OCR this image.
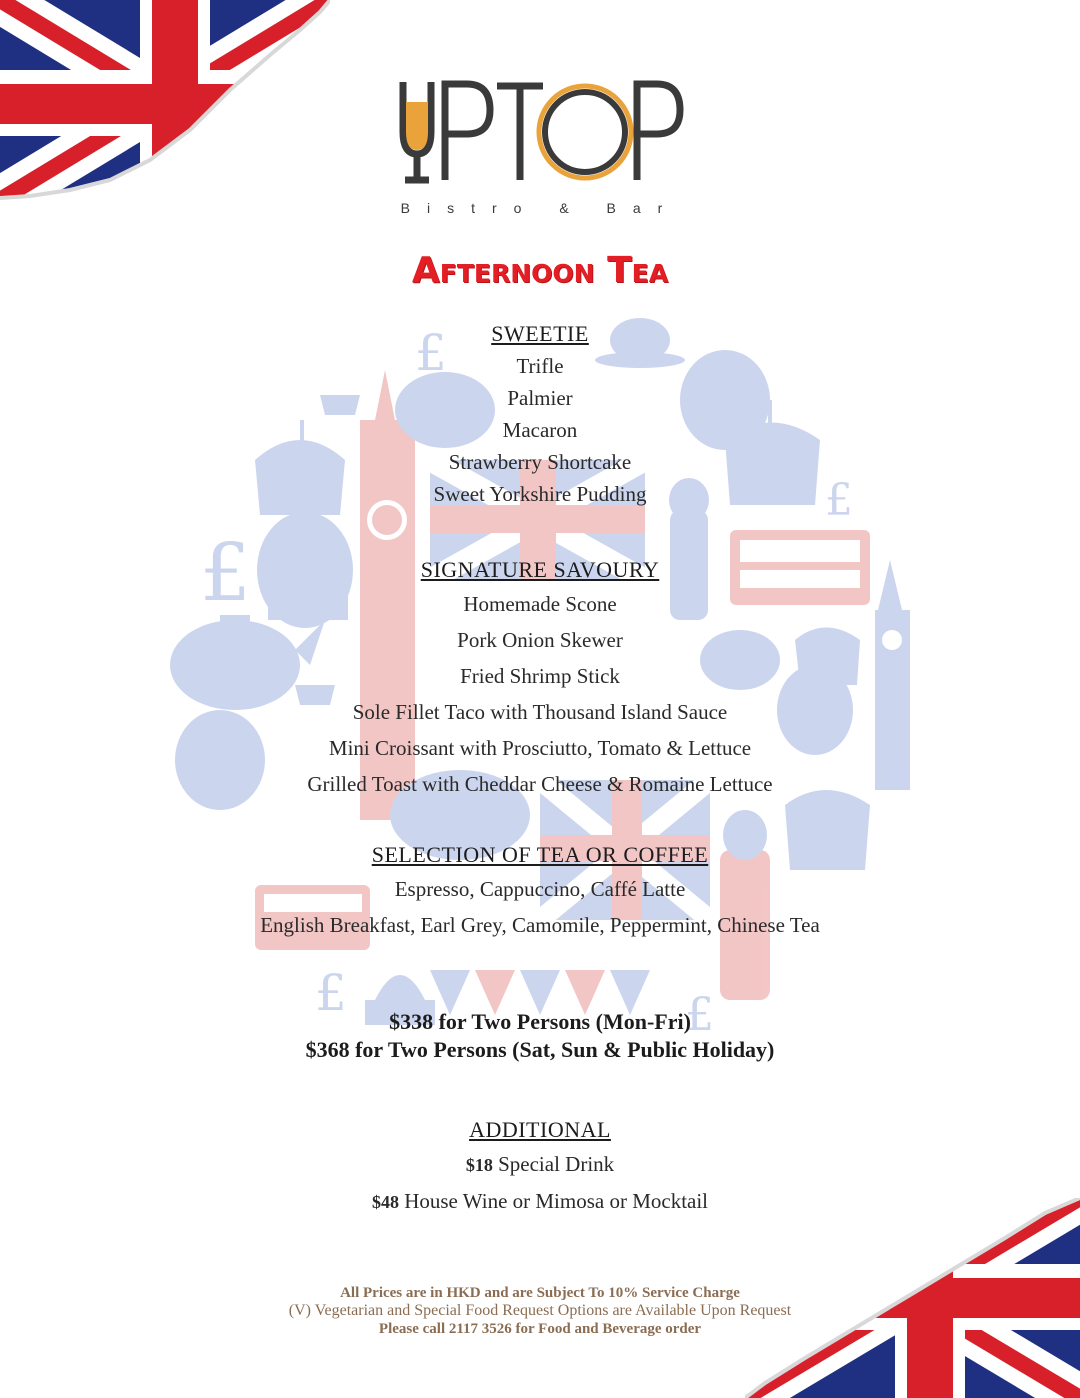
£
£
£
£	£
Bistro & Bar
Afternoon Tea
SWEETIE
Trifle
Palmier
Macaron
Strawberry Shortcake
Sweet Yorkshire Pudding
SIGNATURE SAVOURY
Homemade Scone
Pork Onion Skewer
Fried Shrimp Stick
Sole Fillet Taco with Thousand Island Sauce
Mini Croissant with Prosciutto, Tomato & Lettuce
Grilled Toast with Cheddar Cheese & Romaine Lettuce
SELECTION OF TEA OR COFFEE
Espresso, Cappuccino, Caffé Latte
English Breakfast, Earl Grey, Camomile, Peppermint, Chinese Tea
$338 for Two Persons (Mon-Fri)
$368 for Two Persons (Sat, Sun & Public Holiday)
ADDITIONAL
$18 Special Drink
$48 House Wine or Mimosa or Mocktail
All Prices are in HKD and are Subject To 10% Service Charge
(V) Vegetarian and Special Food Request Options are Available Upon Request
Please call 2117 3526 for Food and Beverage order
